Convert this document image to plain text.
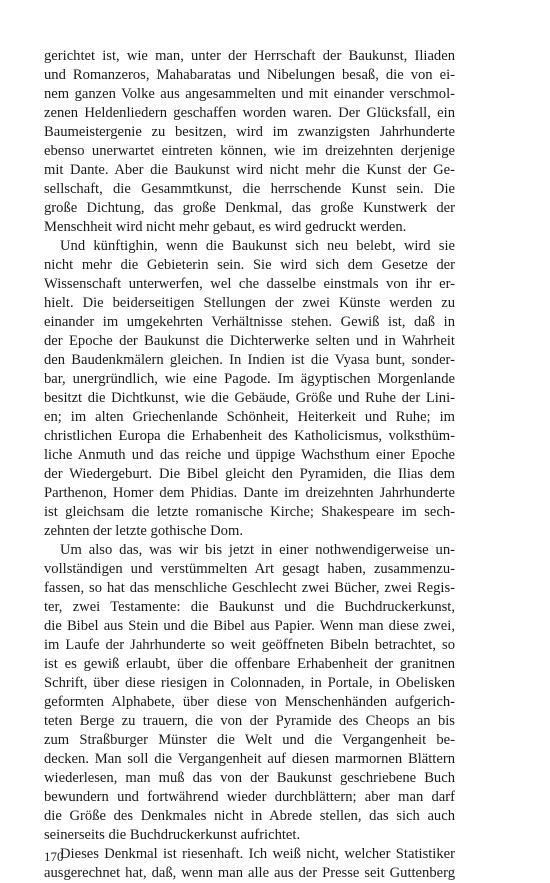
gerichtet ist, wie man, unter der Herrschaft der Baukunst, Iliaden
und Romanzeros, Mahabaratas und Nibelungen besaß, die von ei-
nem ganzen Volke aus angesammelten und mit einander verschmol-
zenen Heldenliedern geschaffen worden waren. Der Glücksfall, ein
Baumeistergenie zu besitzen, wird im zwanzigsten Jahrhunderte
ebenso unerwartet eintreten können, wie im dreizehnten derjenige
mit Dante. Aber die Baukunst wird nicht mehr die Kunst der Ge-
sellschaft, die Gesammtkunst, die herrschende Kunst sein. Die
große Dichtung, das große Denkmal, das große Kunstwerk der
Menschheit wird nicht mehr gebaut, es wird gedruckt werden.
Und künftighin, wenn die Baukunst sich neu belebt, wird sie
nicht mehr die Gebieterin sein. Sie wird sich dem Gesetze der
Wissenschaft unterwerfen, wel che dasselbe einstmals von ihr er-
hielt. Die beiderseitigen Stellungen der zwei Künste werden zu
einander im umgekehrten Verhältnisse stehen. Gewiß ist, daß in
der Epoche der Baukunst die Dichterwerke selten und in Wahrheit
den Baudenkmälern gleichen. In Indien ist die Vyasa bunt, sonder-
bar, unergründlich, wie eine Pagode. Im ägyptischen Morgenlande
besitzt die Dichtkunst, wie die Gebäude, Größe und Ruhe der Lini-
en; im alten Griechenlande Schönheit, Heiterkeit und Ruhe; im
christlichen Europa die Erhabenheit des Katholicismus, volksthüm-
liche Anmuth und das reiche und üppige Wachsthum einer Epoche
der Wiedergeburt. Die Bibel gleicht den Pyramiden, die Ilias dem
Parthenon, Homer dem Phidias. Dante im dreizehnten Jahrhunderte
ist gleichsam die letzte romanische Kirche; Shakespeare im sech-
zehnten der letzte gothische Dom.
Um also das, was wir bis jetzt in einer nothwendigerweise un-
vollständigen und verstümmelten Art gesagt haben, zusammenzu-
fassen, so hat das menschliche Geschlecht zwei Bücher, zwei Regis-
ter, zwei Testamente: die Baukunst und die Buchdruckerkunst,
die Bibel aus Stein und die Bibel aus Papier. Wenn man diese zwei,
im Laufe der Jahrhunderte so weit geöffneten Bibeln betrachtet, so
ist es gewiß erlaubt, über die offenbare Erhabenheit der granitnen
Schrift, über diese riesigen in Colonnaden, in Portale, in Obelisken
geformten Alphabete, über diese von Menschenhänden aufgerich-
teten Berge zu trauern, die von der Pyramide des Cheops an bis
zum Straßburger Münster die Welt und die Vergangenheit be-
decken. Man soll die Vergangenheit auf diesen marmornen Blättern
wiederlesen, man muß das von der Baukunst geschriebene Buch
bewundern und fortwährend wieder durchblättern; aber man darf
die Größe des Denkmales nicht in Abrede stellen, das sich auch
seinerseits die Buchdruckerkunst aufrichtet.
Dieses Denkmal ist riesenhaft. Ich weiß nicht, welcher Statistiker
ausgerechnet hat, daß, wenn man alle aus der Presse seit Guttenberg
170
